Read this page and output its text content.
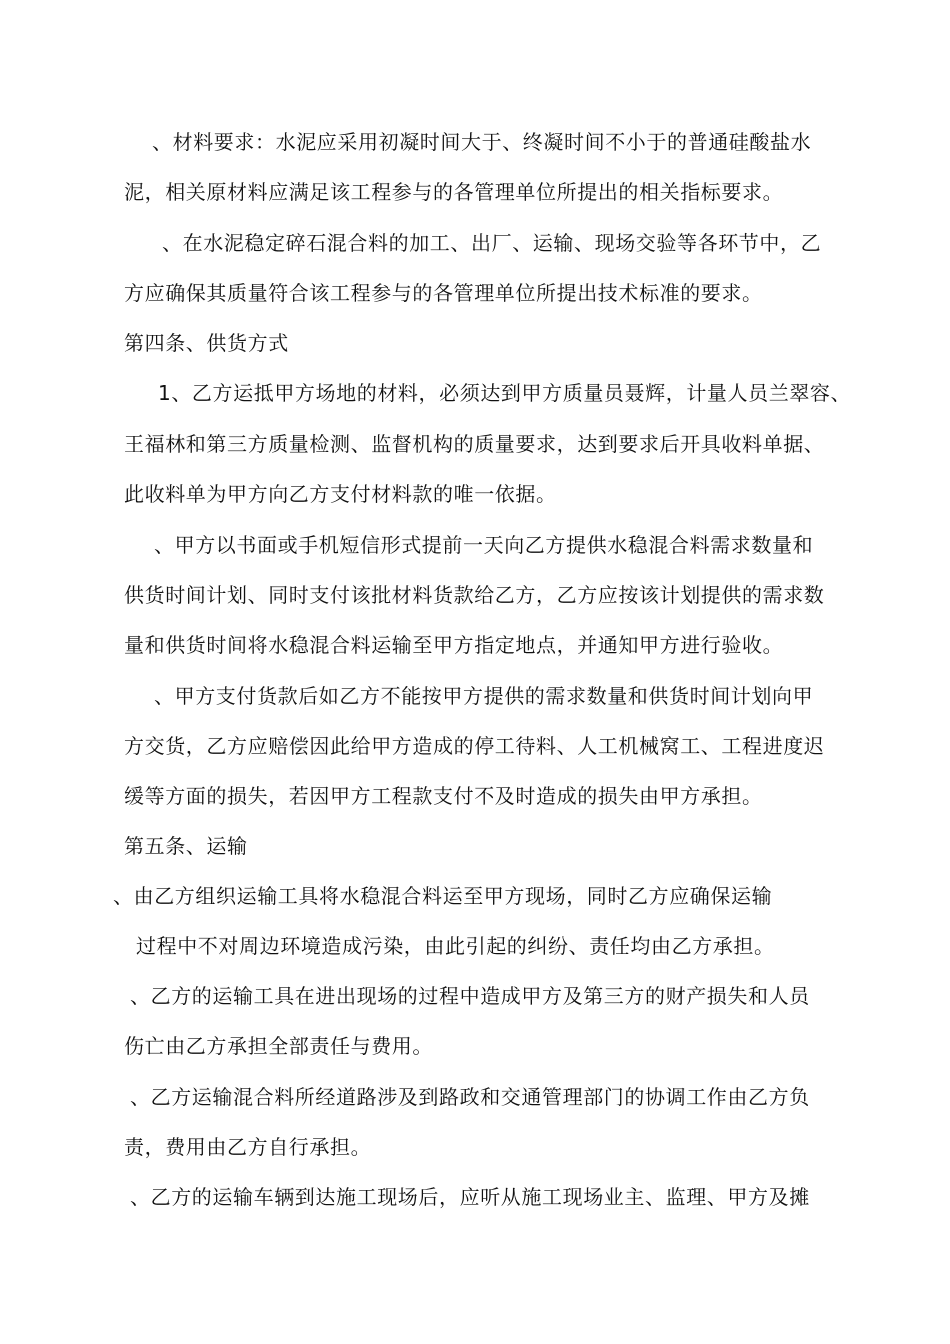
、材料要求：水泥应采用初凝时间大于、终凝时间不小于的普通硅酸盐水
泥，相关原材料应满足该工程参与的各管理单位所提出的相关指标要求。
、在水泥稳定碎石混合料的加工、出厂、运输、现场交验等各环节中，乙
方应确保其质量符合该工程参与的各管理单位所提出技术标准的要求。
第四条、供货方式
1、乙方运抵甲方场地的材料，必须达到甲方质量员聂辉，计量人员兰翠容、
王福林和第三方质量检测、监督机构的质量要求，达到要求后开具收料单据、
此收料单为甲方向乙方支付材料款的唯一依据。
、甲方以书面或手机短信形式提前一天向乙方提供水稳混合料需求数量和
供货时间计划、同时支付该批材料货款给乙方，乙方应按该计划提供的需求数
量和供货时间将水稳混合料运输至甲方指定地点，并通知甲方进行验收。
、甲方支付货款后如乙方不能按甲方提供的需求数量和供货时间计划向甲
方交货，乙方应赔偿因此给甲方造成的停工待料、人工机械窝工、工程进度迟
缓等方面的损失，若因甲方工程款支付不及时造成的损失由甲方承担。
第五条、运输
、由乙方组织运输工具将水稳混合料运至甲方现场，同时乙方应确保运输
过程中不对周边环境造成污染，由此引起的纠纷、责任均由乙方承担。
、乙方的运输工具在进出现场的过程中造成甲方及第三方的财产损失和人员
伤亡由乙方承担全部责任与费用。
、乙方运输混合料所经道路涉及到路政和交通管理部门的协调工作由乙方负
责，费用由乙方自行承担。
、乙方的运输车辆到达施工现场后，应听从施工现场业主、监理、甲方及摊
